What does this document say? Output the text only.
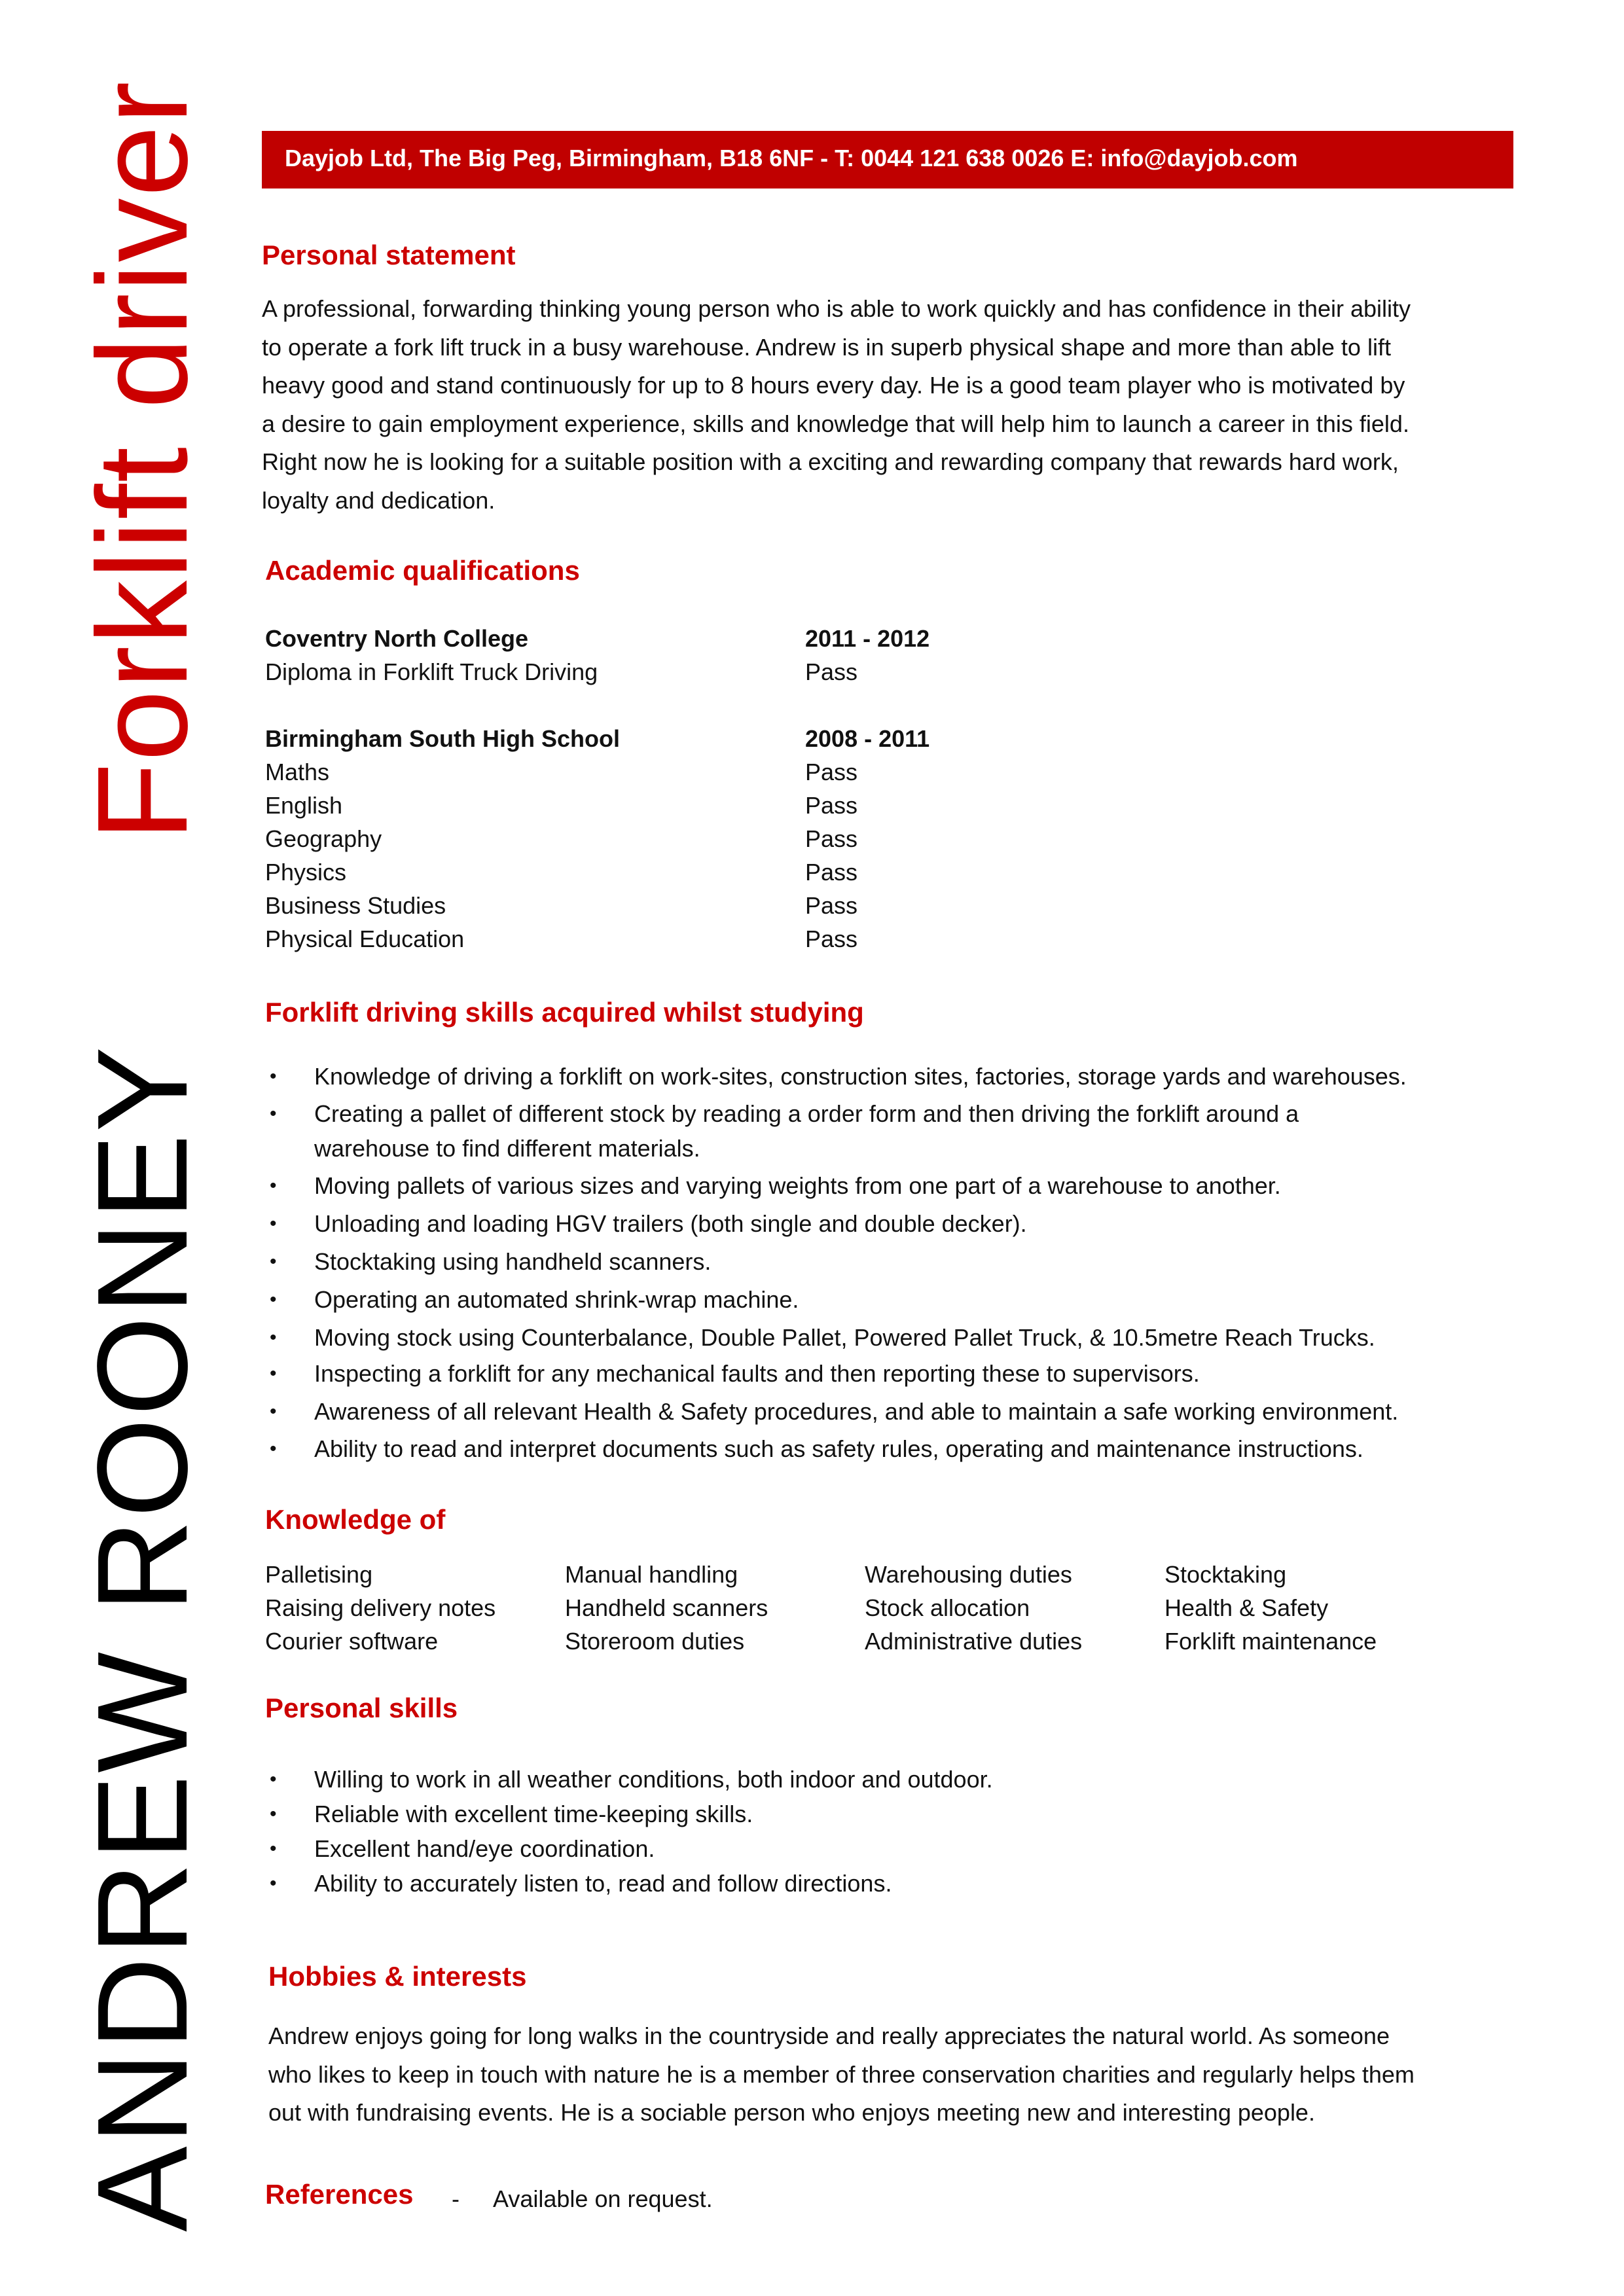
Forklift driver
ANDREW ROONEY
Dayjob Ltd, The Big Peg, Birmingham, B18 6NF - T: 0044 121 638 0026 E: info@dayjob.com
Personal statement
A professional, forwarding thinking young person who is able to work quickly and has confidence in their ability
to operate a fork lift truck in a busy warehouse. Andrew is in superb physical shape and more than able to lift
heavy good and stand continuously for up to 8 hours every day. He is a good team player who is motivated by
a desire to gain employment experience, skills and knowledge that will help him to launch a career in this field.
Right now he is looking for a suitable position with a exciting and rewarding company that rewards hard work,
loyalty and dedication.
Academic qualifications
Coventry North College	2011 - 2012
Diploma in Forklift Truck Driving	Pass
Birmingham South High School	2008 - 2011
Maths	Pass
English	Pass
Geography	Pass
Physics	Pass
Business Studies	Pass
Physical Education	Pass
Forklift driving skills acquired whilst studying
• Knowledge of driving a forklift on work-sites, construction sites, factories, storage yards and warehouses.
• Creating a pallet of different stock by reading a order form and then driving the forklift around a warehouse to find different materials.
• Moving pallets of various sizes and varying weights from one part of a warehouse to another.
• Unloading and loading HGV trailers (both single and double decker).
• Stocktaking using handheld scanners.
• Operating an automated shrink-wrap machine.
• Moving stock using Counterbalance, Double Pallet, Powered Pallet Truck, & 10.5metre Reach Trucks.
• Inspecting a forklift for any mechanical faults and then reporting these to supervisors.
• Awareness of all relevant Health & Safety procedures, and able to maintain a safe working environment.
• Ability to read and interpret documents such as safety rules, operating and maintenance instructions.
Knowledge of
Palletising	Manual handling	Warehousing duties	Stocktaking
Raising delivery notes	Handheld scanners	Stock allocation	Health & Safety
Courier software	Storeroom duties	Administrative duties	Forklift maintenance
Personal skills
• Willing to work in all weather conditions, both indoor and outdoor.
• Reliable with excellent time-keeping skills.
• Excellent hand/eye coordination.
• Ability to accurately listen to, read and follow directions.
Hobbies & interests
Andrew enjoys going for long walks in the countryside and really appreciates the natural world. As someone
who likes to keep in touch with nature he is a member of three conservation charities and regularly helps them
out with fundraising events. He is a sociable person who enjoys meeting new and interesting people.
References - Available on request.
